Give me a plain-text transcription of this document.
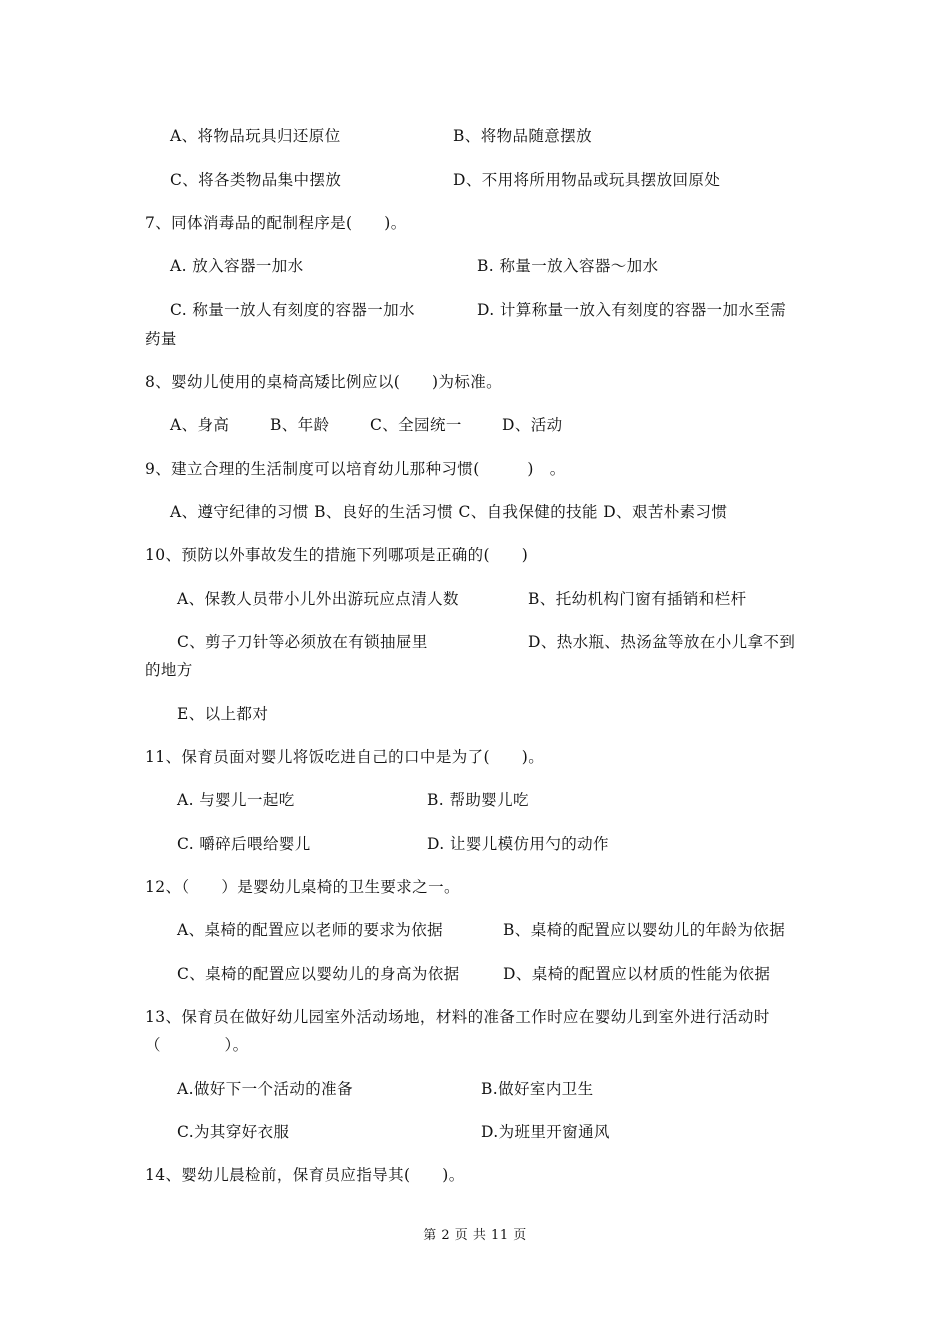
A、将物品玩具归还原位	B、将物品随意摆放
C、将各类物品集中摆放	D、不用将所用物品或玩具摆放回原处
7、同体消毒品的配制程序是(　　)。
A. 放入容器一加水	B. 称量一放入容器～加水
C. 称量一放人有刻度的容器一加水	D. 计算称量一放入有刻度的容器一加水至需
药量
8、婴幼儿使用的桌椅高矮比例应以(　　)为标准。
A、身高	B、年龄	C、全园统一	D、活动
9、建立合理的生活制度可以培育幼儿那种习惯(　　　)　。
A、遵守纪律的习惯 B、良好的生活习惯 C、自我保健的技能 D、艰苦朴素习惯
10、预防以外事故发生的措施下列哪项是正确的(　　)
A、保教人员带小儿外出游玩应点清人数	B、托幼机构门窗有插销和栏杆
C、剪子刀针等必须放在有锁抽屉里	D、热水瓶、热汤盆等放在小儿拿不到
的地方
E、以上都对
11、保育员面对婴儿将饭吃进自己的口中是为了(　　)。
A. 与婴儿一起吃	B. 帮助婴儿吃
C. 嚼碎后喂给婴儿	D. 让婴儿模仿用勺的动作
12、（　　）是婴幼儿桌椅的卫生要求之一。
A、桌椅的配置应以老师的要求为依据	B、桌椅的配置应以婴幼儿的年龄为依据
C、桌椅的配置应以婴幼儿的身高为依据	D、桌椅的配置应以材质的性能为依据
13、保育员在做好幼儿园室外活动场地，材料的准备工作时应在婴幼儿到室外进行活动时
（　　　　）。
A.做好下一个活动的准备	B.做好室内卫生
C.为其穿好衣服	D.为班里开窗通风
14、婴幼儿晨检前，保育员应指导其(　　)。
第 2 页 共 11 页
